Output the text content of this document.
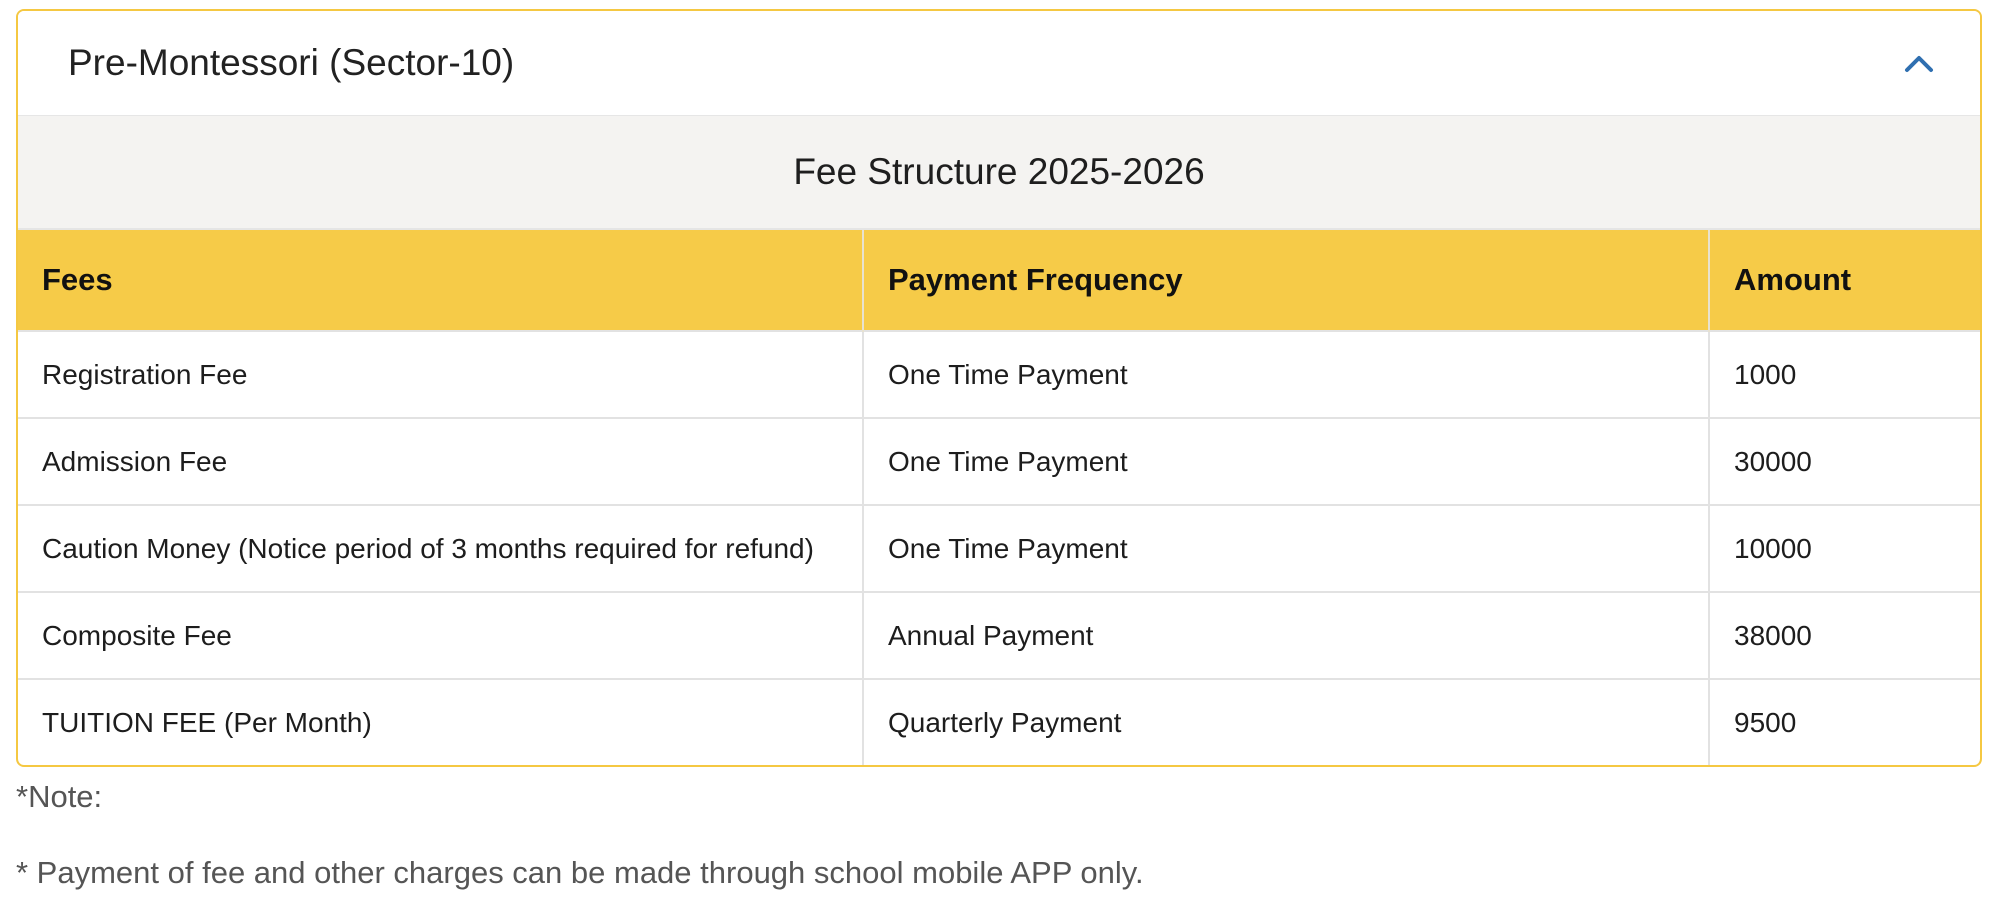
Pre-Montessori (Sector-10)
Fee Structure 2025-2026
Fees	Payment Frequency	Amount
Registration Fee	One Time Payment	1000
Admission Fee	One Time Payment	30000
Caution Money (Notice period of 3 months required for refund)	One Time Payment	10000
Composite Fee	Annual Payment	38000
TUITION FEE (Per Month)	Quarterly Payment	9500
*Note:
* Payment of fee and other charges can be made through school mobile APP only.
